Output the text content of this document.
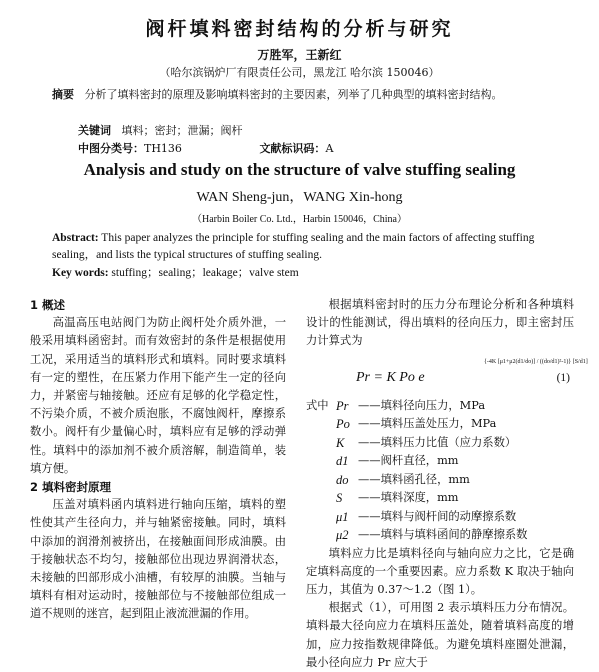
阀杆填料密封结构的分析与研究
万胜军，王新红
（哈尔滨锅炉厂有限责任公司，黑龙江 哈尔滨 150046）
摘要 分析了填料密封的原理及影响填料密封的主要因素，列举了几种典型的填料密封结构。
关键词 填料；密封；泄漏；阀杆
中图分类号：TH136	文献标识码：A
Analysis and study on the structure of valve stuffing sealing
WAN Sheng-jun，WANG Xin-hong
（Harbin Boiler Co. Ltd.，Harbin 150046，China）
Abstract: This paper analyzes the principle for stuffing sealing and the main factors of affecting stuffing sealing，and lists the typical structures of stuffing sealing.
Key words: stuffing；sealing；leakage；valve stem
1 概述

高温高压电站阀门为防止阀杆处介质外泄，一般采用填料函密封。而有效密封的条件是根据使用工况，采用适当的填料形式和填料。同时要求填料有一定的塑性，在压紧力作用下能产生一定的径向力，并紧密与轴接触。还应有足够的化学稳定性，不污染介质，不被介质泡胀，不腐蚀阀杆，摩擦系数小。阀杆有少量偏心时，填料应有足够的浮动弹性。填料中的添加剂不被介质溶解，制造简单，装填方便。

2 填料密封原理

压盖对填料函内填料进行轴向压缩，填料的塑性使其产生径向力，并与轴紧密接触。同时，填料中添加的润滑剂被挤出，在接触面间形成油膜。由于接触状态不均匀，接触部位出现边界润滑状态，未接触的凹部形成小油槽，有较厚的油膜。当轴与填料有相对运动时，接触部位与不接触部位组成一道不规则的迷宫，起到阻止液流泄漏的作用。

根据填料密封时的压力分布理论分析和各种填料设计的性能测试，得出填料的径向压力，即主密封压力计算式为

Pr = K Po e
{-4K [μ1+μ2(d1/do)] / ((do/d1)²-1)} [S/d1]
(1)
式中 Pr ——填料径向压力，MPa
Po ——填料压盖处压力，MPa
K	——填料压力比值（应力系数）
d1 ——阀杆直径，mm
do ——填料函孔径，mm
S	——填料深度，mm
μ1 ——填料与阀杆间的动摩擦系数
μ2 ——填料与填料函间的静摩擦系数

填料应力比是填料径向与轴向应力之比，它是确定填料高度的一个重要因素。应力系数 K 取决于轴向压力，其值为 0.37～1.2（图 1）。

根据式（1），可用图 2 表示填料压力分布情况。填料最大径向应力在填料压盖处，随着填料高度的增加，应力按指数规律降低。为避免填料座圈处泄漏，最小径向应力 Pr 应大于
